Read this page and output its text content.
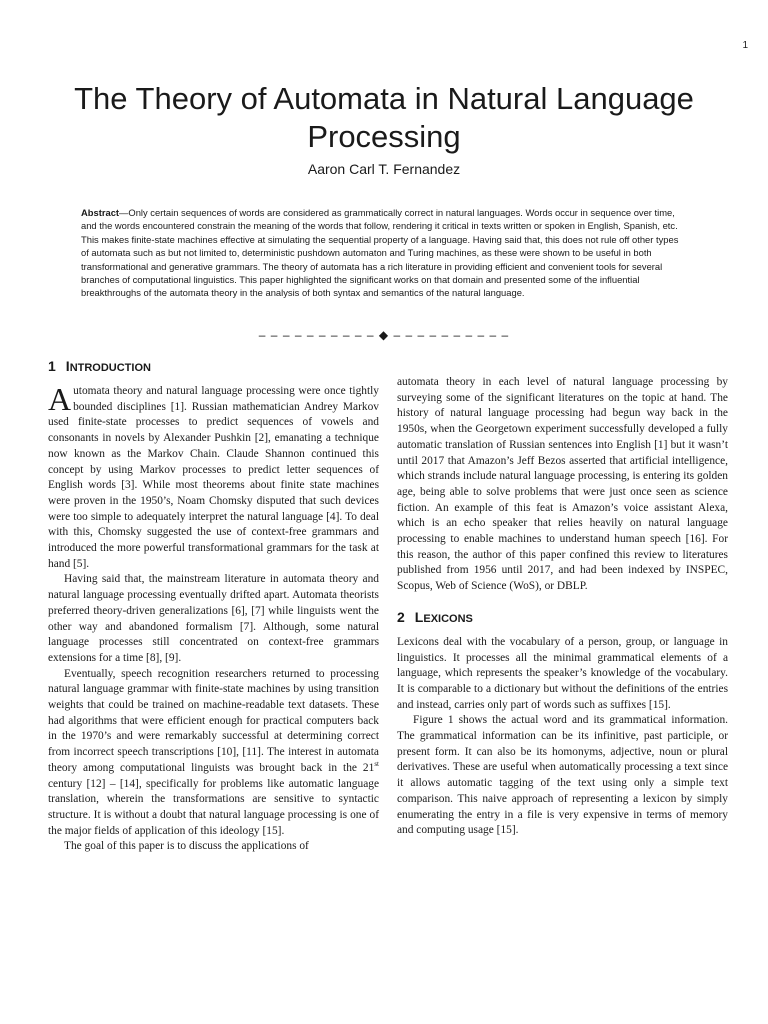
1
The Theory of Automata in Natural Language Processing
Aaron Carl T. Fernandez

Abstract—Only certain sequences of words are considered as grammatically correct in natural languages. Words occur in sequence over time, and the words encountered constrain the meaning of the words that follow, rendering it critical in texts written or spoken in English, Spanish, etc. This makes finite-state machines effective at simulating the sequential property of a language. Having said that, this does not rule off other types of automata such as but not limited to, deterministic pushdown automaton and Turing machines, as these were shown to be useful in both transformational and generative grammars. The theory of automata has a rich literature in providing efficient and convenient tools for several branches of computational linguistics. This paper highlighted the significant works on that domain and presented some of the influential breakthroughs of the automata theory in the analysis of both syntax and semantics of the natural language.

– – – – – – – – – – ◆ – – – – – – – – – –
1 INTRODUCTION

Automata theory and natural language processing were once tightly bounded disciplines [1]. Russian mathematician Andrey Markov used finite-state processes to predict sequences of vowels and consonants in novels by Alexander Pushkin [2], emanating a technique now known as the Markov Chain. Claude Shannon continued this concept by using Markov processes to predict letter sequences of English words [3]. While most theorems about finite state machines were proven in the 1950’s, Noam Chomsky disputed that such devices were too simple to adequately interpret the natural language [4]. To deal with this, Chomsky suggested the use of context-free grammars and introduced the more powerful transformational grammars for the task at hand [5].

Having said that, the mainstream literature in automata theory and natural language processing eventually drifted apart. Automata theorists preferred theory-driven generalizations [6], [7] while linguists went the other way and abandoned formalism [7]. Although, some natural language processes still concentrated on context-free grammars extensions for a time [8], [9].

Eventually, speech recognition researchers returned to processing natural language grammar with finite-state machines by using transition weights that could be trained on machine-readable text datasets. These had algorithms that were efficient enough for practical computers back in the 1970’s and were remarkably successful at determining correct from incorrect speech transcriptions [10], [11]. The interest in automata theory among computational linguists was brought back in the 21st century [12] – [14], specifically for problems like automatic language translation, wherein the transformations are sensitive to syntactic structure. It is without a doubt that natural language processing is one of the major fields of application of this ideology [15].

The goal of this paper is to discuss the applications of

automata theory in each level of natural language processing by surveying some of the significant literatures on the topic at hand. The history of natural language processing had begun way back in the 1950s, when the Georgetown experiment successfully developed a fully automatic translation of Russian sentences into English [1] but it wasn’t until 2017 that Amazon’s Jeff Bezos asserted that artificial intelligence, which strands include natural language processing, is entering its golden age, being able to solve problems that were just once seen as science fiction. An example of this feat is Amazon’s voice assistant Alexa, which is an echo speaker that relies heavily on natural language processing to enable machines to understand human speech [16]. For this reason, the author of this paper confined this review to literatures published from 1956 until 2017, and had been indexed by INSPEC, Scopus, Web of Science (WoS), or DBLP.

2 LEXICONS

Lexicons deal with the vocabulary of a person, group, or language in linguistics. It processes all the minimal grammatical elements of a language, which represents the speaker’s knowledge of the vocabulary. It is comparable to a dictionary but without the definitions of the entries and instead, carries only part of words such as suffixes [15].

Figure 1 shows the actual word and its grammatical information. The grammatical information can be its infinitive, past participle, or present form. It can also be its homonyms, adjective, noun or plural derivatives. These are useful when automatically processing a text since it allows automatic tagging of the text using only a simple text comparison. This naive approach of representing a lexicon by simply enumerating the entry in a file is very expensive in terms of memory and computing usage [15].
